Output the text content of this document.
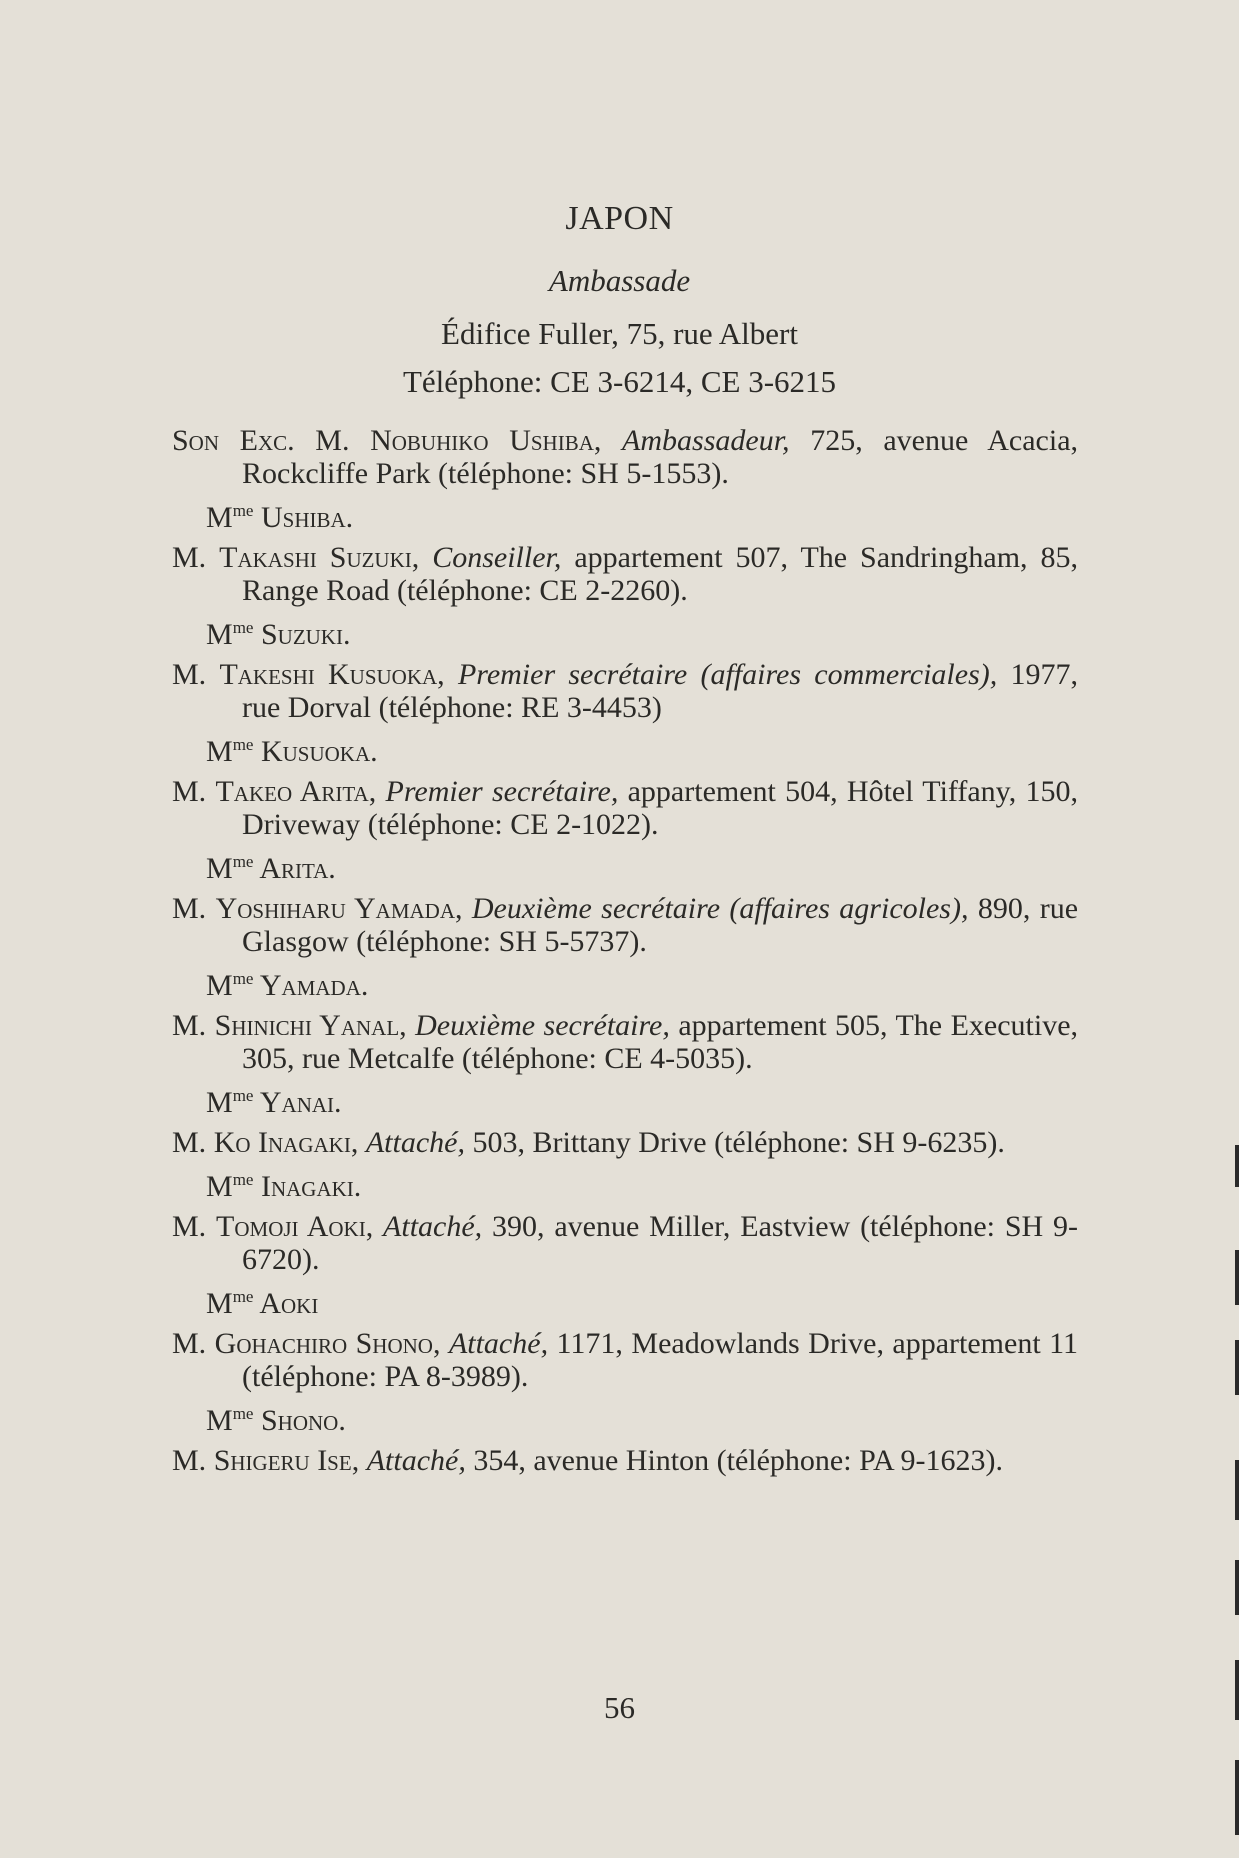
JAPON
Ambassade
Édifice Fuller, 75, rue Albert
Téléphone: CE 3-6214, CE 3-6215
Son Exc. M. Nobuhiko Ushiba, Ambassadeur, 725, avenue Acacia, Rockcliffe Park (téléphone: SH 5-1553).
$M^{me}$ Ushiba.
M. Takashi Suzuki, Conseiller, appartement 507, The Sandringham, 85, Range Road (téléphone: CE 2-2260).
$M^{me}$ Suzuki.
M. Takeshi Kusuoka, Premier secrétaire (affaires commerciales), 1977, rue Dorval (téléphone: RE 3-4453)
$M^{me}$ Kusuoka.
M. Takeo Arita, Premier secrétaire, appartement 504, Hôtel Tiffany, 150, Driveway (téléphone: CE 2-1022).
$M^{me}$ Arita.
M. Yoshiharu Yamada, Deuxième secrétaire (affaires agricoles), 890, rue Glasgow (téléphone: SH 5-5737).
$M^{me}$ Yamada.
M. Shinichi Yanal, Deuxième secrétaire, appartement 505, The Executive, 305, rue Metcalfe (téléphone: CE 4-5035).
$M^{me}$ Yanai.
M. Ko Inagaki, Attaché, 503, Brittany Drive (téléphone: SH 9-6235).
$M^{me}$ Inagaki.
M. Tomoji Aoki, Attaché, 390, avenue Miller, Eastview (téléphone: SH 9-6720).
$M^{me}$ Aoki
M. Gohachiro Shono, Attaché, 1171, Meadowlands Drive, appartement 11 (téléphone: PA 8-3989).
$M^{me}$ Shono.
M. Shigeru Ise, Attaché, 354, avenue Hinton (téléphone: PA 9-1623).
56
